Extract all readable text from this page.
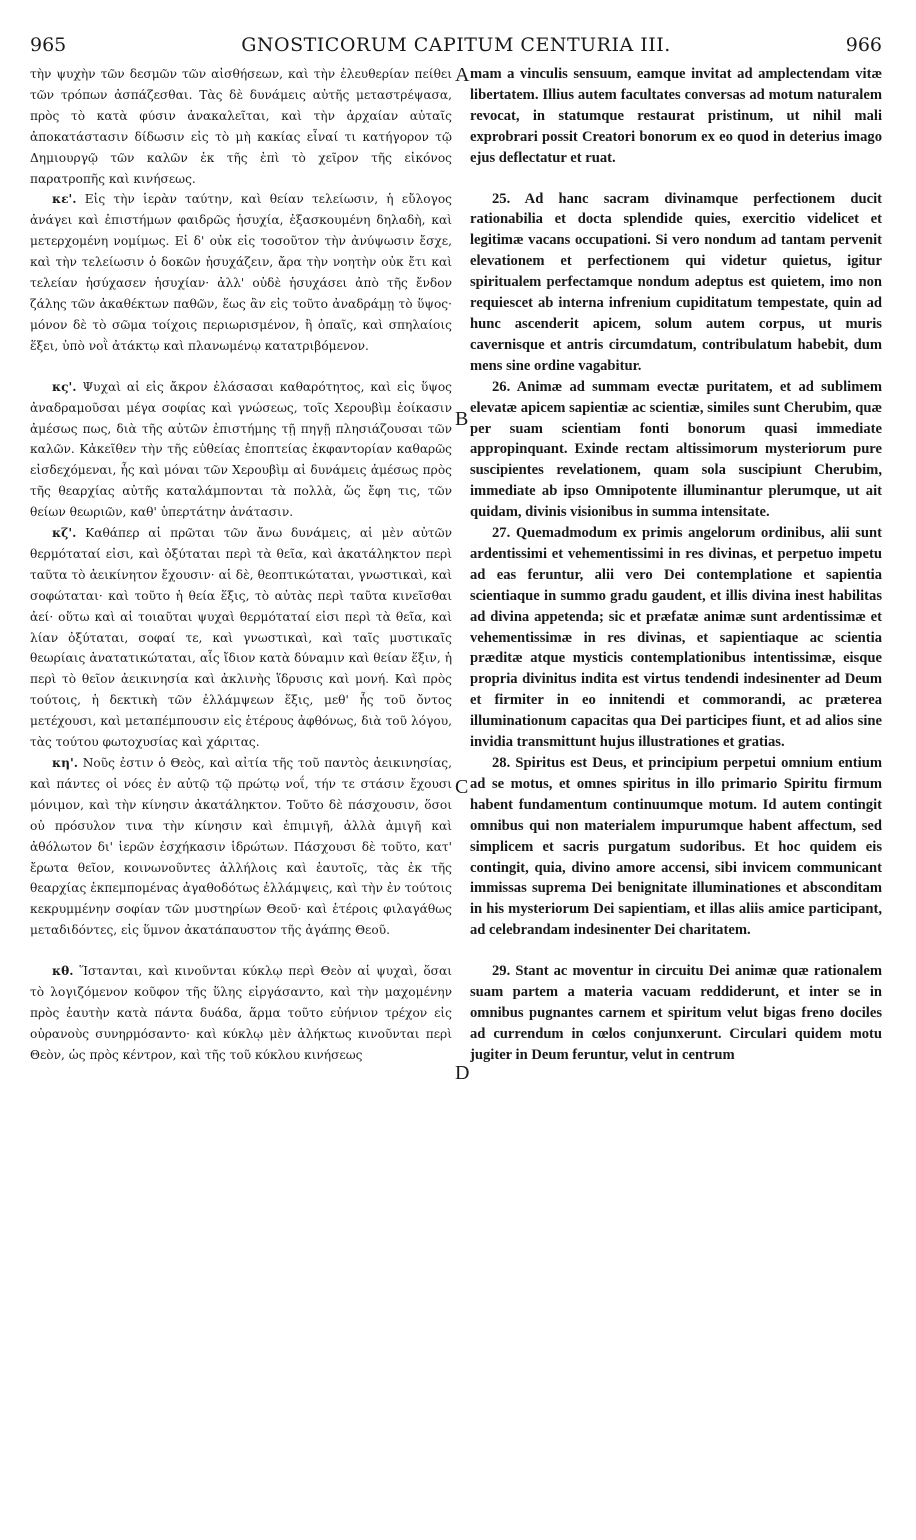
965	GNOSTICORUM CAPITUM CENTURIA III.	966

τὴν ψυχὴν τῶν δεσμῶν τῶν αἰσθήσεων, καὶ τὴν ἐλευθερίαν πείθει τῶν τρόπων ἀσπάζεσθαι. Τὰς δὲ δυνάμεις αὐτῆς μεταστρέψασα, πρὸς τὸ κατὰ φύσιν ἀνακαλεῖται, καὶ τὴν ἀρχαίαν αὐταῖς ἀποκατάστασιν δίδωσιν εἰς τὸ μὴ κακίας εἶναί τι κατήγορον τῷ Δημιουργῷ τῶν καλῶν ἐκ τῆς ἐπὶ τὸ χεῖρον τῆς εἰκόνος παρατροπῆς καὶ κινήσεως.

κε'. Εἰς τὴν ἱερὰν ταύτην, καὶ θείαν τελείωσιν, ἡ εὔλογος ἀνάγει καὶ ἐπιστήμων φαιδρῶς ἡσυχία, ἐξασκουμένη δηλαδὴ, καὶ μετερχομένη νομίμως. Εἰ δ' οὐκ εἰς τοσοῦτον τὴν ἀνύψωσιν ἔσχε, καὶ τὴν τελείωσιν ὁ δοκῶν ἡσυχάζειν, ἄρα τὴν νοητὴν οὐκ ἔτι καὶ τελείαν ἡσύχασεν ἡσυχίαν· ἀλλ' οὐδὲ ἡσυχάσει ἀπὸ τῆς ἔνδον ζάλης τῶν ἀκαθέκτων παθῶν, ἕως ἂν εἰς τοῦτο ἀναδράμῃ τὸ ὕψος· μόνον δὲ τὸ σῶμα τοίχοις περιωρισμένον, ἢ ὀπαῖς, καὶ σπηλαίοις ἕξει, ὑπὸ νοῒ ἀτάκτῳ καὶ πλανωμένῳ κατατριβόμενον.

κς'. Ψυχαὶ αἱ εἰς ἄκρον ἐλάσασαι καθαρότητος, καὶ εἰς ὕψος ἀναδραμοῦσαι μέγα σοφίας καὶ γνώσεως, τοῖς Χερουβὶμ ἐοίκασιν ἀμέσως πως, διὰ τῆς αὐτῶν ἐπιστήμης τῇ πηγῇ πλησιάζουσαι τῶν καλῶν. Κἀκεῖθεν τὴν τῆς εὐθείας ἐποπτείας ἐκφαντορίαν καθαρῶς εἰσδεχόμεναι, ἧς καὶ μόναι τῶν Χερουβὶμ αἱ δυνάμεις ἀμέσως πρὸς τῆς θεαρχίας αὐτῆς καταλάμπονται τὰ πολλὰ, ὥς ἔφη τις, τῶν θείων θεωριῶν, καθ' ὑπερτάτην ἀνάτασιν.

κζ'. Καθάπερ αἱ πρῶται τῶν ἄνω δυνάμεις, αἱ μὲν αὐτῶν θερμόταταί εἰσι, καὶ ὀξύταται περὶ τὰ θεῖα, καὶ ἀκατάληκτον περὶ ταῦτα τὸ ἀεικίνητον ἔχουσιν· αἱ δὲ, θεοπτικώταται, γνωστικαὶ, καὶ σοφώταται· καὶ τοῦτο ἡ θεία ἕξις, τὸ αὐτὰς περὶ ταῦτα κινεῖσθαι ἀεί· οὕτω καὶ αἱ τοιαῦται ψυχαὶ θερμόταταί εἰσι περὶ τὰ θεῖα, καὶ λίαν ὀξύταται, σοφαί τε, καὶ γνωστικαὶ, καὶ ταῖς μυστικαῖς θεωρίαις ἀνατατικώταται, αἷς ἴδιον κατὰ δύναμιν καὶ θείαν ἕξιν, ἡ περὶ τὸ θεῖον ἀεικινησία καὶ ἀκλινὴς ἵδρυσις καὶ μονή. Καὶ πρὸς τούτοις, ἡ δεκτικὴ τῶν ἐλλάμψεων ἕξις, μεθ' ἧς τοῦ ὄντος μετέχουσι, καὶ μεταπέμπουσιν εἰς ἑτέρους ἀφθόνως, διὰ τοῦ λόγου, τὰς τούτου φωτοχυσίας καὶ χάριτας.

κη'. Νοῦς ἐστιν ὁ Θεὸς, καὶ αἰτία τῆς τοῦ παντὸς ἀεικινησίας, καὶ πάντες οἱ νόες ἐν αὐτῷ τῷ πρώτῳ νοΐ, τήν τε στάσιν ἔχουσι μόνιμον, καὶ τὴν κίνησιν ἀκατάληκτον. Τοῦτο δὲ πάσχουσιν, ὅσοι οὐ πρόσυλον τινα τὴν κίνησιν καὶ ἐπιμιγῆ, ἀλλὰ ἀμιγῆ καὶ ἀθόλωτον δι' ἱερῶν ἐσχήκασιν ἱδρώτων. Πάσχουσι δὲ τοῦτο, κατ' ἔρωτα θεῖον, κοινωνοῦντες ἀλλήλοις καὶ ἑαυτοῖς, τὰς ἐκ τῆς θεαρχίας ἐκπεμπομένας ἀγαθοδότως ἐλλάμψεις, καὶ τὴν ἐν τούτοις κεκρυμμένην σοφίαν τῶν μυστηρίων Θεοῦ· καὶ ἑτέροις φιλαγάθως μεταδιδόντες, εἰς ὕμνον ἀκατάπαυστον τῆς ἀγάπης Θεοῦ.

κθ. Ἵστανται, καὶ κινοῦνται κύκλῳ περὶ Θεὸν αἱ ψυχαὶ, ὅσαι τὸ λογιζόμενον κοῦφον τῆς ὕλης εἰργάσαντο, καὶ τὴν μαχομένην πρὸς ἑαυτὴν κατὰ πάντα δυάδα, ἅρμα τοῦτο εὐήνιον τρέχον εἰς οὐρανοὺς συνηρμόσαντο· καὶ κύκλῳ μὲν ἀλήκτως κινοῦνται περὶ Θεὸν, ὡς πρὸς κέντρον, καὶ τῆς τοῦ κύκλου κινήσεως

mam a vinculis sensuum, eamque invitat ad amplectendam vitæ libertatem. Illius autem facultates conversas ad motum naturalem revocat, in statumque restaurat pristinum, ut nihil mali exprobrari possit Creatori bonorum ex eo quod in deterius imago ejus deflectatur et ruat.

25. Ad hanc sacram divinamque perfectionem ducit rationabilia et docta splendide quies, exercitio videlicet et legitimæ vacans occupationi. Si vero nondum ad tantam pervenit elevationem et perfectionem qui videtur quietus, igitur spiritualem perfectamque nondum adeptus est quietem, imo non requiescet ab interna infrenium cupiditatum tempestate, quin ad hunc ascenderit apicem, solum autem corpus, ut muris cavernisque et antris circumdatum, contribulatum habebit, dum mens sine ordine vagabitur.

26. Animæ ad summam evectæ puritatem, et ad sublimem elevatæ apicem sapientiæ ac scientiæ, similes sunt Cherubim, quæ per suam scientiam fonti bonorum quasi immediate appropinquant. Exinde rectam altissimorum mysteriorum pure suscipientes revelationem, quam sola suscipiunt Cherubim, immediate ab ipso Omnipotente illuminantur plerumque, ut ait quidam, divinis visionibus in summa intensitate.

27. Quemadmodum ex primis angelorum ordinibus, alii sunt ardentissimi et vehementissimi in res divinas, et perpetuo impetu ad eas feruntur, alii vero Dei contemplatione et sapientia scientiaque in summo gradu gaudent, et illis divina inest habilitas ad divina appetenda; sic et præfatæ animæ sunt ardentissimæ et vehementissimæ in res divinas, et sapientiaque ac scientia præditæ atque mysticis contemplationibus intentissimæ, eisque propria divinitus indita est virtus tendendi indesinenter ad Deum et firmiter in eo innitendi et commorandi, ac præterea illuminationum capacitas qua Dei participes fiunt, et ad alios sine invidia transmittunt hujus illustrationes et gratias.

28. Spiritus est Deus, et principium perpetui omnium entium ad se motus, et omnes spiritus in illo primario Spiritu firmum habent fundamentum continuumque motum. Id autem contingit omnibus qui non materialem impurumque habent affectum, sed simplicem et sacris purgatum sudoribus. Et hoc quidem eis contingit, quia, divino amore accensi, sibi invicem communicant immissas suprema Dei benignitate illuminationes et absconditam in his mysteriorum Dei sapientiam, et illas aliis amice participant, ad celebrandam indesinenter Dei charitatem.

29. Stant ac moventur in circuitu Dei animæ quæ rationalem suam partem a materia vacuam reddiderunt, et inter se in omnibus pugnantes carnem et spiritum velut bigas freno dociles ad currendum in cœlos conjunxerunt. Circulari quidem motu jugiter in Deum feruntur, velut in centrum

A
B
C
D
